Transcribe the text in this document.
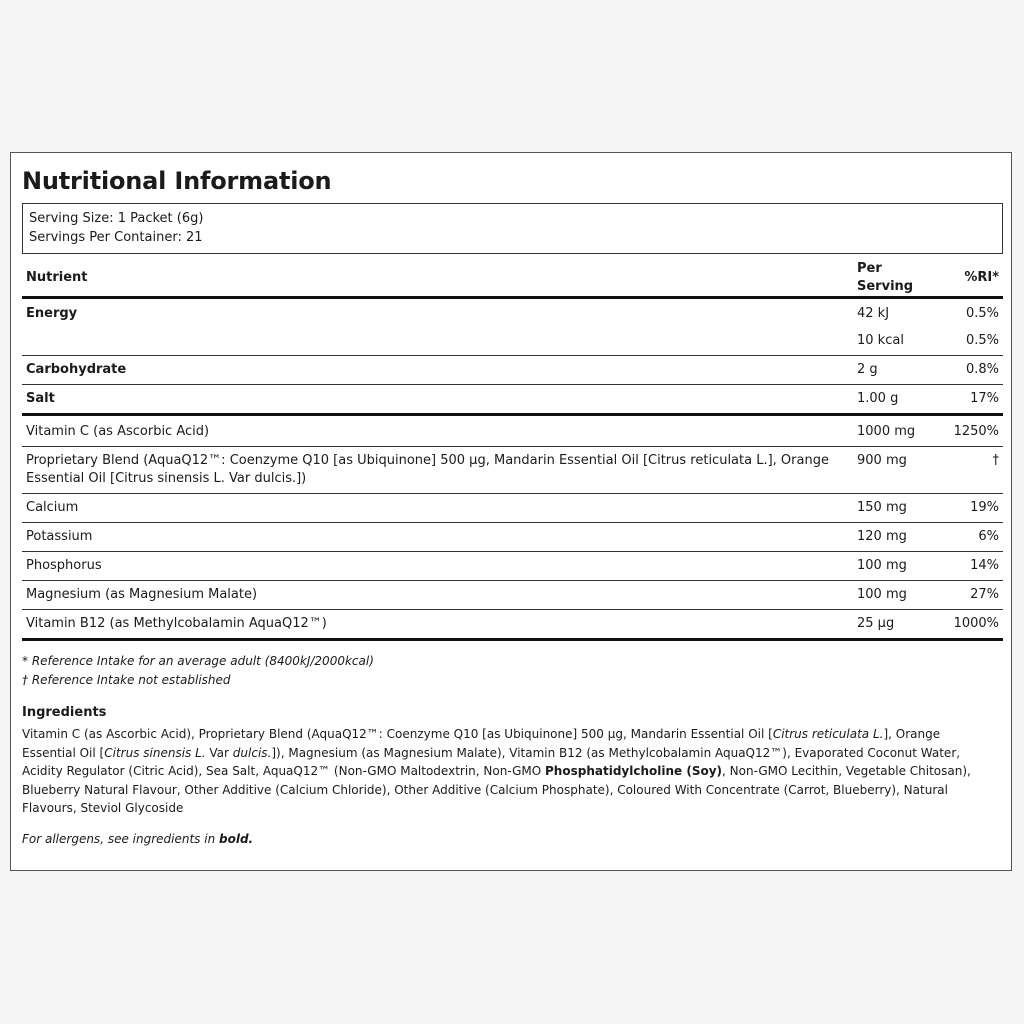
Nutritional Information
Serving Size: 1 Packet (6g)
Servings Per Container: 21
Nutrient	Per Serving	%RI*
Energy	42 kJ	0.5%
	10 kcal	0.5%
Carbohydrate	2 g	0.8%
Salt	1.00 g	17%
Vitamin C (as Ascorbic Acid)	1000 mg	1250%
Proprietary Blend (AquaQ12™: Coenzyme Q10 [as Ubiquinone] 500 µg, Mandarin Essential Oil [Citrus reticulata L.], Orange Essential Oil [Citrus sinensis L. Var dulcis.])	900 mg	†
Calcium	150 mg	19%
Potassium	120 mg	6%
Phosphorus	100 mg	14%
Magnesium (as Magnesium Malate)	100 mg	27%
Vitamin B12 (as Methylcobalamin AquaQ12™)	25 µg	1000%
* Reference Intake for an average adult (8400kJ/2000kcal)
† Reference Intake not established
Ingredients
Vitamin C (as Ascorbic Acid), Proprietary Blend (AquaQ12™: Coenzyme Q10 [as Ubiquinone] 500 µg, Mandarin Essential Oil [Citrus reticulata L.], Orange Essential Oil [Citrus sinensis L. Var dulcis.]), Magnesium (as Magnesium Malate), Vitamin B12 (as Methylcobalamin AquaQ12™), Evaporated Coconut Water, Acidity Regulator (Citric Acid), Sea Salt, AquaQ12™ (Non-GMO Maltodextrin, Non-GMO Phosphatidylcholine (Soy), Non-GMO Lecithin, Vegetable Chitosan), Blueberry Natural Flavour, Other Additive (Calcium Chloride), Other Additive (Calcium Phosphate), Coloured With Concentrate (Carrot, Blueberry), Natural Flavours, Steviol Glycoside
For allergens, see ingredients in bold.
